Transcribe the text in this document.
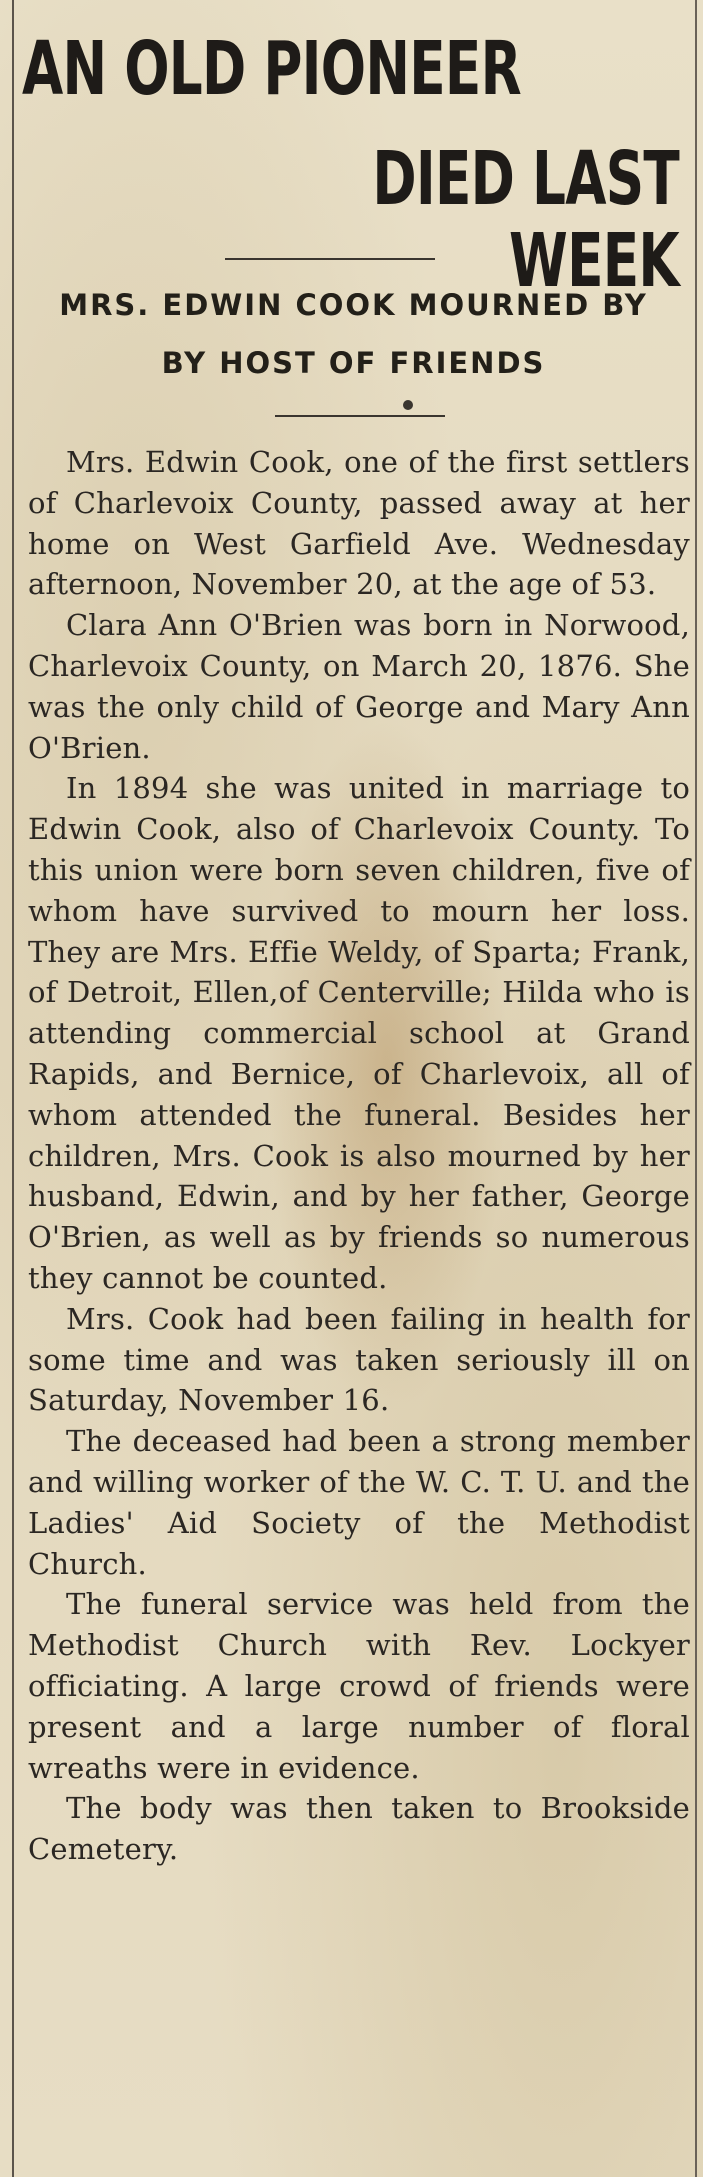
AN OLD PIONEER
DIED LAST WEEK
MRS. EDWIN COOK MOURNED BY
BY HOST OF FRIENDS

Mrs. Edwin Cook, one of the first settlers of Charlevoix County, passed away at her home on West Garfield Ave. Wednesday afternoon, November 20, at the age of 53.

Clara Ann O'Brien was born in Norwood, Charlevoix County, on March 20, 1876. She was the only child of George and Mary Ann O'Brien.

In 1894 she was united in marriage to Edwin Cook, also of Charlevoix County. To this union were born seven children, five of whom have survived to mourn her loss. They are Mrs. Effie Weldy, of Sparta; Frank, of Detroit, Ellen,of Centerville; Hilda who is attending commercial school at Grand Rapids, and Bernice, of Charlevoix, all of whom attended the funeral. Besides her children, Mrs. Cook is also mourned by her husband, Edwin, and by her father, George O'Brien, as well as by friends so numerous they cannot be counted.

Mrs. Cook had been failing in health for some time and was taken seriously ill on Saturday, November 16.

The deceased had been a strong member and willing worker of the W. C. T. U. and the Ladies' Aid Society of the Methodist Church.

The funeral service was held from the Methodist Church with Rev. Lockyer officiating. A large crowd of friends were present and a large number of floral wreaths were in evidence.

The body was then taken to Brookside Cemetery.
